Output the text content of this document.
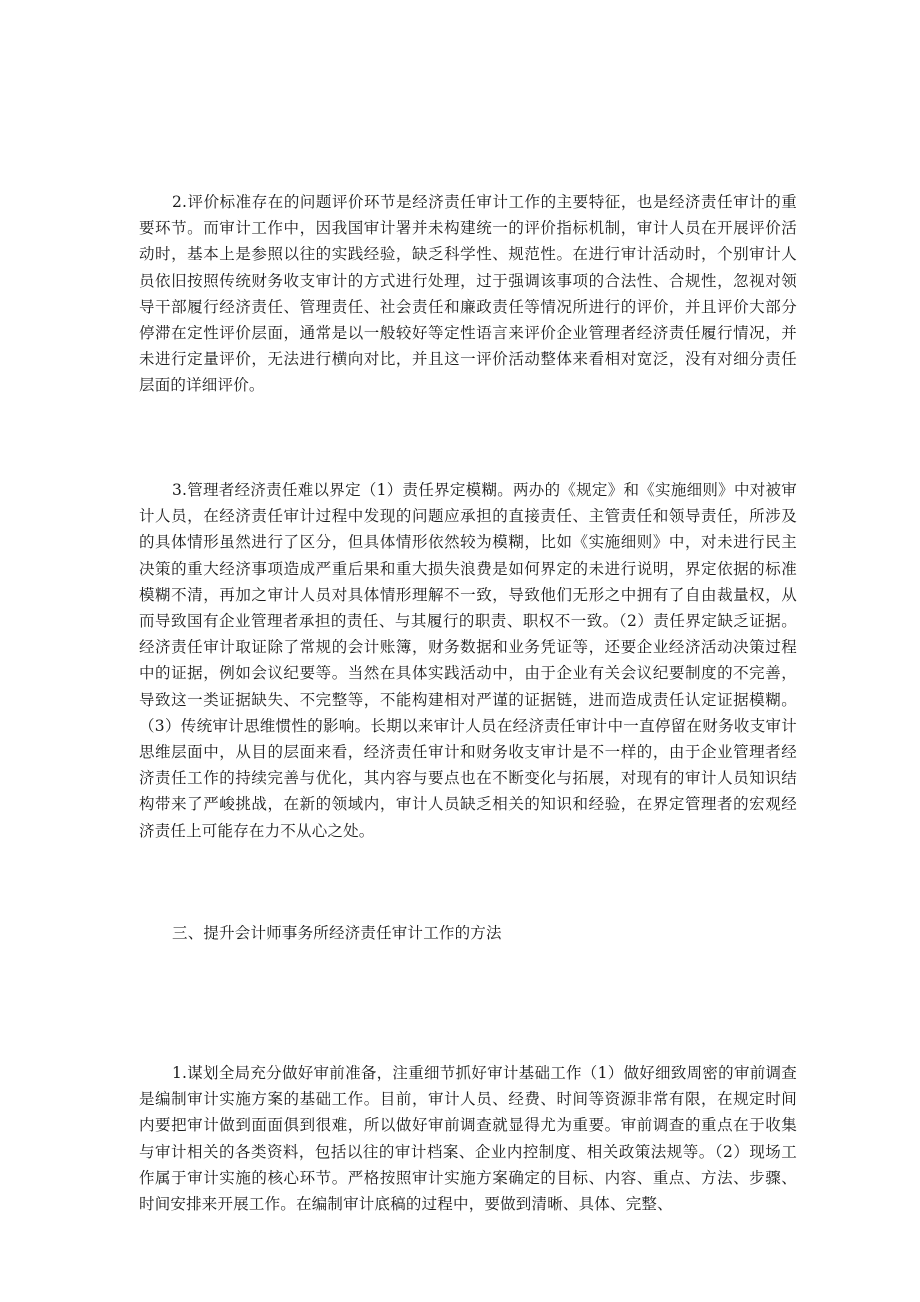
2.评价标准存在的问题评价环节是经济责任审计工作的主要特征，也是经济责任审计的重要环节。而审计工作中，因我国审计署并未构建统一的评价指标机制，审计人员在开展评价活动时，基本上是参照以往的实践经验，缺乏科学性、规范性。在进行审计活动时，个别审计人员依旧按照传统财务收支审计的方式进行处理，过于强调该事项的合法性、合规性，忽视对领导干部履行经济责任、管理责任、社会责任和廉政责任等情况所进行的评价，并且评价大部分停滞在定性评价层面，通常是以一般较好等定性语言来评价企业管理者经济责任履行情况，并未进行定量评价，无法进行横向对比，并且这一评价活动整体来看相对宽泛，没有对细分责任层面的详细评价。

3.管理者经济责任难以界定（1）责任界定模糊。两办的《规定》和《实施细则》中对被审计人员，在经济责任审计过程中发现的问题应承担的直接责任、主管责任和领导责任，所涉及的具体情形虽然进行了区分，但具体情形依然较为模糊，比如《实施细则》中，对未进行民主决策的重大经济事项造成严重后果和重大损失浪费是如何界定的未进行说明，界定依据的标准模糊不清，再加之审计人员对具体情形理解不一致，导致他们无形之中拥有了自由裁量权，从而导致国有企业管理者承担的责任、与其履行的职责、职权不一致。（2）责任界定缺乏证据。经济责任审计取证除了常规的会计账簿，财务数据和业务凭证等，还要企业经济活动决策过程中的证据，例如会议纪要等。当然在具体实践活动中，由于企业有关会议纪要制度的不完善，导致这一类证据缺失、不完整等，不能构建相对严谨的证据链，进而造成责任认定证据模糊。（3）传统审计思维惯性的影响。长期以来审计人员在经济责任审计中一直停留在财务收支审计思维层面中，从目的层面来看，经济责任审计和财务收支审计是不一样的，由于企业管理者经济责任工作的持续完善与优化，其内容与要点也在不断变化与拓展，对现有的审计人员知识结构带来了严峻挑战，在新的领域内，审计人员缺乏相关的知识和经验，在界定管理者的宏观经济责任上可能存在力不从心之处。

三、提升会计师事务所经济责任审计工作的方法

1.谋划全局充分做好审前准备，注重细节抓好审计基础工作（1）做好细致周密的审前调查是编制审计实施方案的基础工作。目前，审计人员、经费、时间等资源非常有限，在规定时间内要把审计做到面面俱到很难，所以做好审前调查就显得尤为重要。审前调查的重点在于收集与审计相关的各类资料，包括以往的审计档案、企业内控制度、相关政策法规等。（2）现场工作属于审计实施的核心环节。严格按照审计实施方案确定的目标、内容、重点、方法、步骤、时间安排来开展工作。在编制审计底稿的过程中，要做到清晰、具体、完整、
